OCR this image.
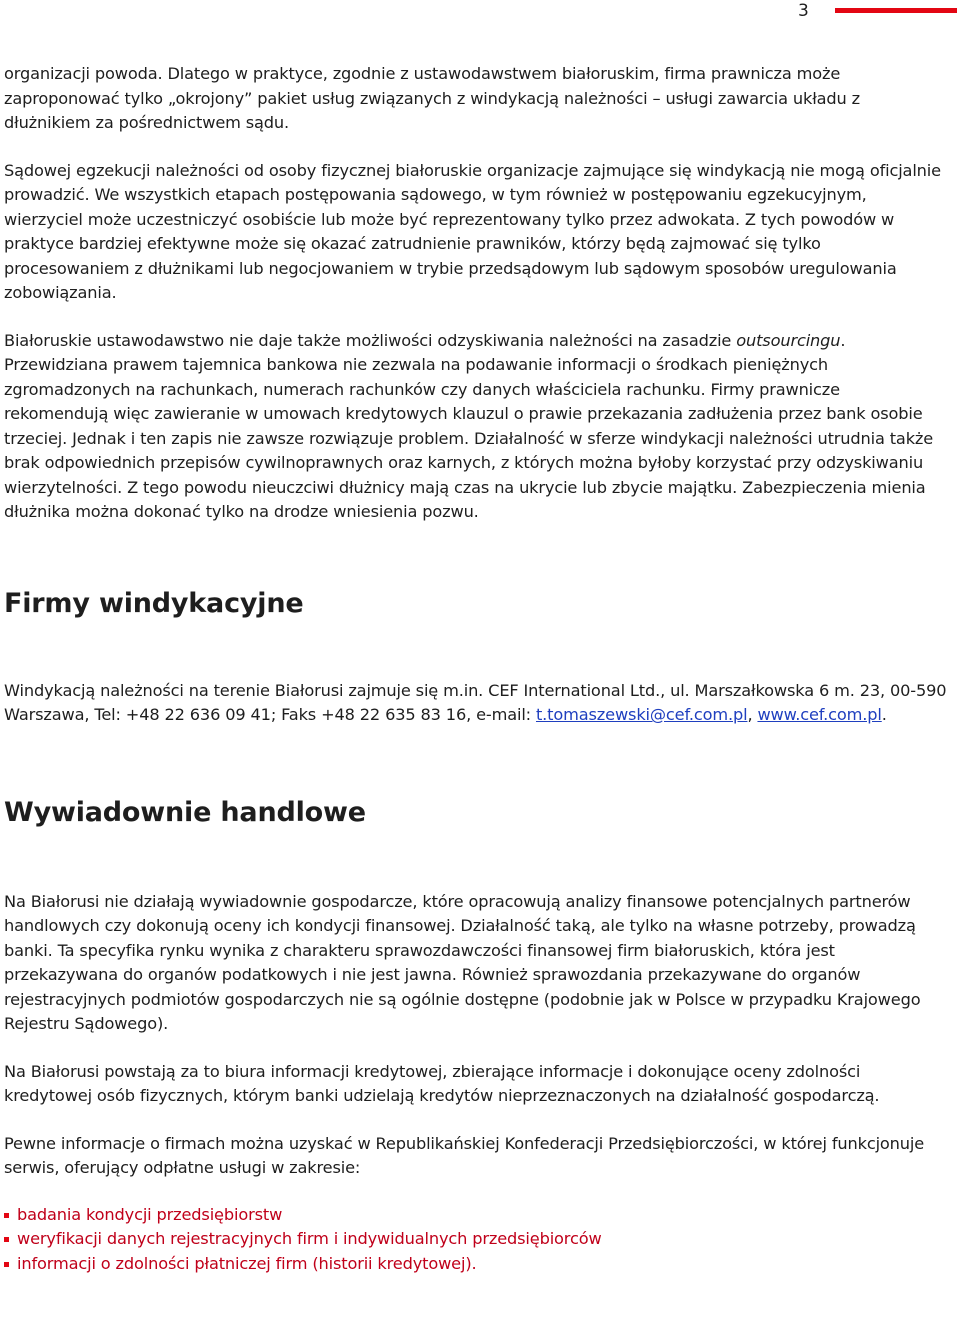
3

organizacji powoda. Dlatego w praktyce, zgodnie z ustawodawstwem białoruskim, firma prawnicza może zaproponować tylko „okrojony” pakiet usług związanych z windykacją należności – usługi zawarcia układu z dłużnikiem za pośrednictwem sądu.

Sądowej egzekucji należności od osoby fizycznej białoruskie organizacje zajmujące się windykacją nie mogą oficjalnie prowadzić. We wszystkich etapach postępowania sądowego, w tym również w postępowaniu egzekucyjnym, wierzyciel może uczestniczyć osobiście lub może być reprezentowany tylko przez adwokata. Z tych powodów w praktyce bardziej efektywne może się okazać zatrudnienie prawników, którzy będą zajmować się tylko procesowaniem z dłużnikami lub negocjowaniem w trybie przedsądowym lub sądowym sposobów uregulowania zobowiązania.

Białoruskie ustawodawstwo nie daje także możliwości odzyskiwania należności na zasadzie outsourcingu. Przewidziana prawem tajemnica bankowa nie zezwala na podawanie informacji o środkach pieniężnych zgromadzonych na rachunkach, numerach rachunków czy danych właściciela rachunku. Firmy prawnicze rekomendują więc zawieranie w umowach kredytowych klauzul o prawie przekazania zadłużenia przez bank osobie trzeciej. Jednak i ten zapis nie zawsze rozwiązuje problem. Działalność w sferze windykacji należności utrudnia także brak odpowiednich przepisów cywilnoprawnych oraz karnych, z których można byłoby korzystać przy odzyskiwaniu wierzytelności. Z tego powodu nieuczciwi dłużnicy mają czas na ukrycie lub zbycie majątku. Zabezpieczenia mienia dłużnika można dokonać tylko na drodze wniesienia pozwu.

Firmy windykacyjne

Windykacją należności na terenie Białorusi zajmuje się m.in. CEF International Ltd., ul. Marszałkowska 6 m. 23, 00-590 Warszawa, Tel: +48 22 636 09 41; Faks +48 22 635 83 16, e-mail: t.tomaszewski@cef.com.pl, www.cef.com.pl.

Wywiadownie handlowe

Na Białorusi nie działają wywiadownie gospodarcze, które opracowują analizy finansowe potencjalnych partnerów handlowych czy dokonują oceny ich kondycji finansowej. Działalność taką, ale tylko na własne potrzeby, prowadzą banki. Ta specyfika rynku wynika z charakteru sprawozdawczości finansowej firm białoruskich, która jest przekazywana do organów podatkowych i nie jest jawna. Również sprawozdania przekazywane do organów rejestracyjnych podmiotów gospodarczych nie są ogólnie dostępne (podobnie jak w Polsce w przypadku Krajowego Rejestru Sądowego).

Na Białorusi powstają za to biura informacji kredytowej, zbierające informacje i dokonujące oceny zdolności kredytowej osób fizycznych, którym banki udzielają kredytów nieprzeznaczonych na działalność gospodarczą.

Pewne informacje o firmach można uzyskać w Republikańskiej Konfederacji Przedsiębiorczości, w której funkcjonuje serwis, oferujący odpłatne usługi w zakresie:

badania kondycji przedsiębiorstw
weryfikacji danych rejestracyjnych firm i indywidualnych przedsiębiorców
informacji o zdolności płatniczej firm (historii kredytowej).
